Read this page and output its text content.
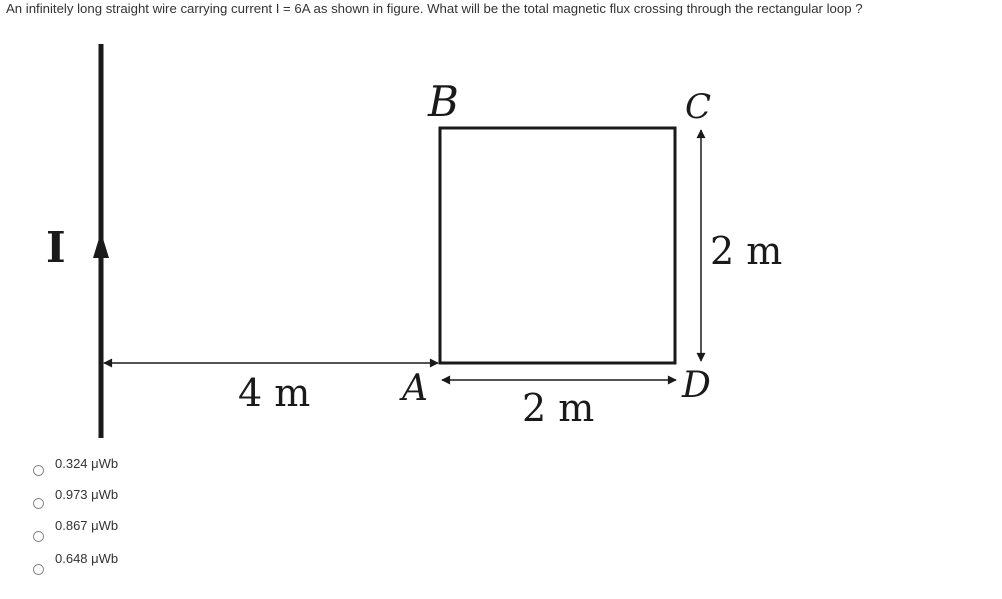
An infinitely long straight wire carrying current I = 6A as shown in figure. What will be the total magnetic flux crossing through the rectangular loop ?

I
B	C
A	D
4 m	2 m
2 m
0.324 μWb
0.973 μWb
0.867 μWb
0.648 μWb
